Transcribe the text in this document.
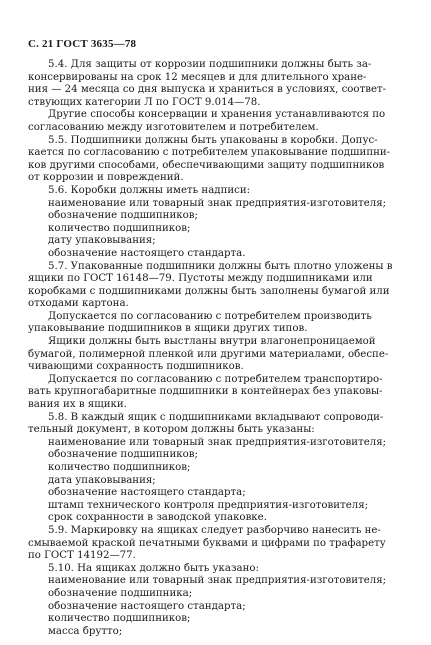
С. 21 ГОСТ 3635—78
5.4. Для защиты от коррозии подшипники должны быть за-
консервированы на срок 12 месяцев и для длительного хране-
ния — 24 месяца со дня выпуска и храниться в условиях, соответ-
ствующих категории Л по ГОСТ 9.014—78.
Другие способы консервации и хранения устанавливаются по
согласованию между изготовителем и потребителем.
5.5. Подшипники должны быть упакованы в коробки. Допус-
кается по согласованию с потребителем упаковывание подшипни-
ков другими способами, обеспечивающими защиту подшипников
от коррозии и повреждений.
5.6. Коробки должны иметь надписи:
наименование или товарный знак предприятия-изготовителя;
обозначение подшипников;
количество подшипников;
дату упаковывания;
обозначение настоящего стандарта.
5.7. Упакованные подшипники должны быть плотно уложены в
ящики по ГОСТ 16148—79. Пустоты между подшипниками или
коробками с подшипниками должны быть заполнены бумагой или
отходами картона.
Допускается по согласованию с потребителем производить
упаковывание подшипников в ящики других типов.
Ящики должны быть выстланы внутри влагонепроницаемой
бумагой, полимерной пленкой или другими материалами, обеспе-
чивающими сохранность подшипников.
Допускается по согласованию с потребителем транспортиро-
вать крупногабаритные подшипники в контейнерах без упаковы-
вания их в ящики.
5.8. В каждый ящик с подшипниками вкладывают сопроводи-
тельный документ, в котором должны быть указаны:
наименование или товарный знак предприятия-изготовителя;
обозначение подшипников;
количество подшипников;
дата упаковывания;
обозначение настоящего стандарта;
штамп технического контроля предприятия-изготовителя;
срок сохранности в заводской упаковке.
5.9. Маркировку на ящиках следует разборчиво нанесить не-
смываемой краской печатными буквами и цифрами по трафарету
по ГОСТ 14192—77.
5.10. На ящиках должно быть указано:
наименование или товарный знак предприятия-изготовителя;
обозначение подшипника;
обозначение настоящего стандарта;
количество подшипников;
масса брутто;
